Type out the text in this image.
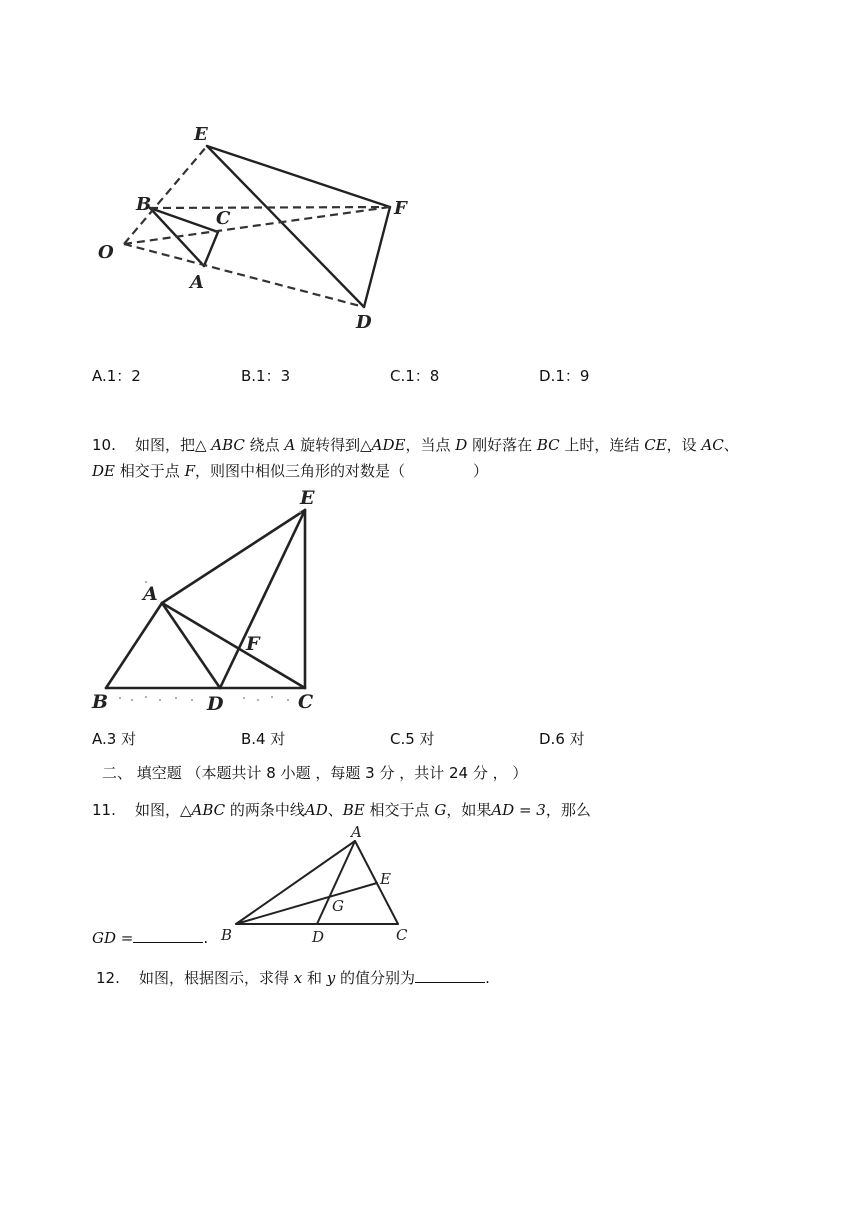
E
B
C	F
O
A
D
A.1：2	B.1：3	C.1：8	D.1：9
10. 如图，把△ ABC 绕点 A 旋转得到△ADE，当点 D 刚好落在 BC 上时，连结 CE，设 AC、
DE 相交于点 F，则图中相似三角形的对数是（	）
E
A
F
B	D	C
A.3 对	B.4 对	C.5 对	D.6 对
二、 填空题 （本题共计 8 小题 ，每题 3 分 ，共计 24 分 ， ）
11. 如图，△ABC 的两条中线AD、BE 相交于点 G，如果AD = 3，那么
GD =	.
A
E
G
B	D	C
12. 如图，根据图示，求得 x 和 y 的值分别为	.
